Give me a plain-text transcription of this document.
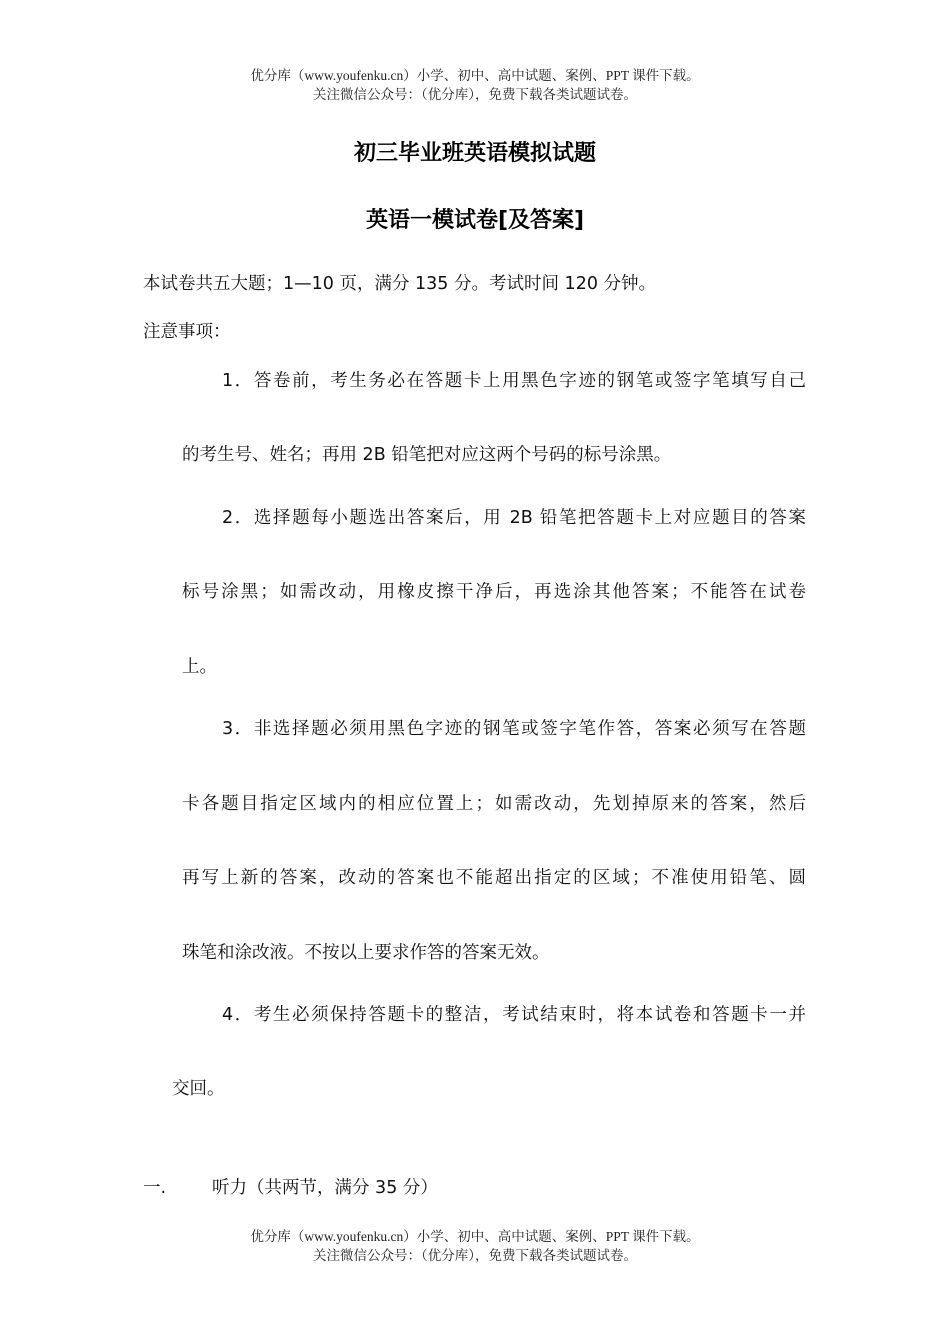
优分库（www.youfenku.cn）小学、初中、高中试题、案例、PPT 课件下载。
关注微信公众号：（优分库），免费下载各类试题试卷。
初三毕业班英语模拟试题
英语一模试卷[及答案]
本试卷共五大题；1—10 页，满分 135 分。考试时间 120 分钟。
注意事项：
1．答卷前，考生务必在答题卡上用黑色字迹的钢笔或签字笔填写自己
的考生号、姓名；再用 2B 铅笔把对应这两个号码的标号涂黑。
2．选择题每小题选出答案后，用 2B 铅笔把答题卡上对应题目的答案
标号涂黑；如需改动，用橡皮擦干净后，再选涂其他答案；不能答在试卷
上。
3．非选择题必须用黑色字迹的钢笔或签字笔作答，答案必须写在答题
卡各题目指定区域内的相应位置上；如需改动，先划掉原来的答案，然后
再写上新的答案，改动的答案也不能超出指定的区域；不准使用铅笔、圆
珠笔和涂改液。不按以上要求作答的答案无效。
4．考生必须保持答题卡的整洁，考试结束时，将本试卷和答题卡一并
交回。
一.	听力（共两节，满分 35 分）
优分库（www.youfenku.cn）小学、初中、高中试题、案例、PPT 课件下载。
关注微信公众号：（优分库），免费下载各类试题试卷。
